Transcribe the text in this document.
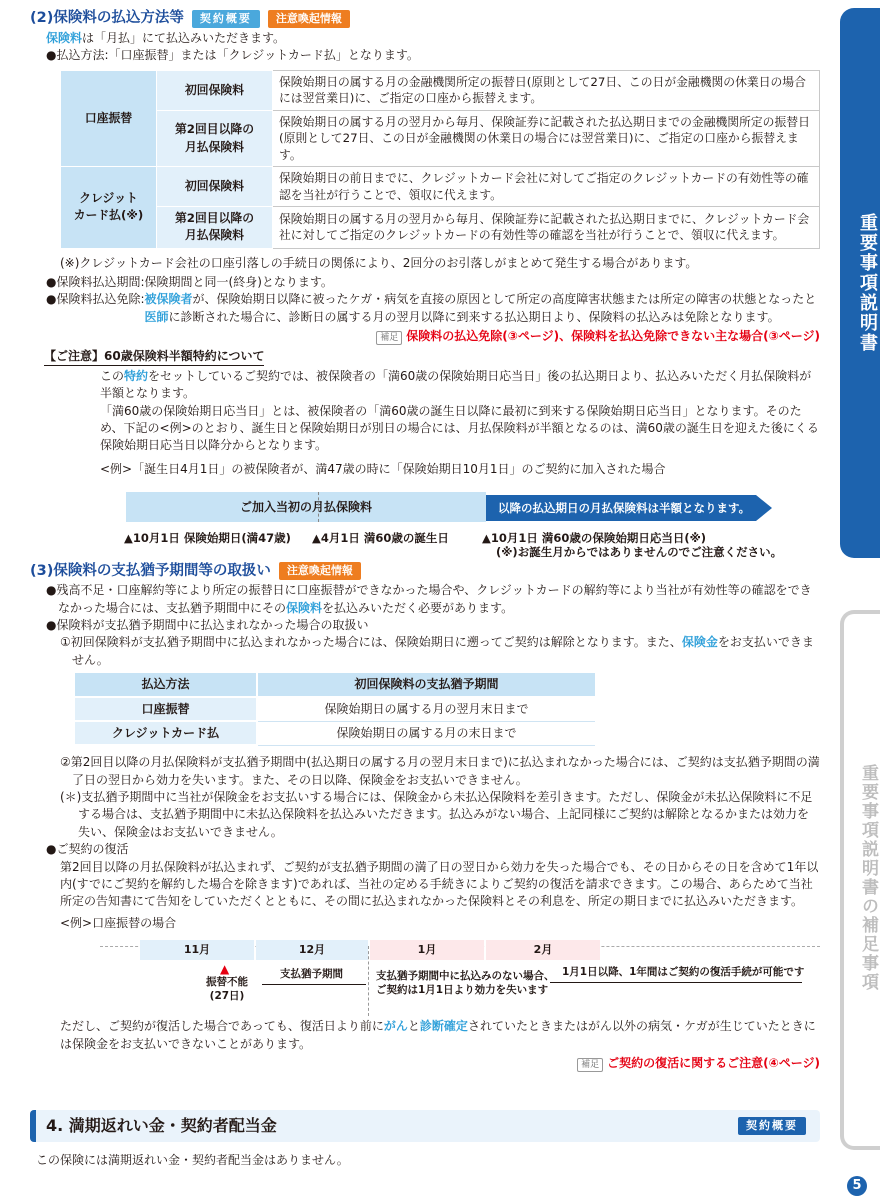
(2)保険料の払込方法等	契約概要	注意喚起情報

保険料は「月払」にて払込みいただきます。

●払込方法:「口座振替」または「クレジットカード払」となります。

口座振替	初回保険料	保険始期日の属する月の金融機関所定の振替日(原則として27日、この日が金融機関の休業日の場合には翌営業日)に、ご指定の口座から振替えます。
	第2回目以降の
月払保険料	保険始期日の属する月の翌月から毎月、保険証券に記載された払込期日までの金融機関所定の振替日(原則として27日、この日が金融機関の休業日の場合には翌営業日)に、ご指定の口座から振替えます。
クレジット
カード払(※)	初回保険料	保険始期日の前日までに、クレジットカード会社に対してご指定のクレジットカードの有効性等の確認を当社が行うことで、領収に代えます。
	第2回目以降の
月払保険料	保険始期日の属する月の翌月から毎月、保険証券に記載された払込期日までに、クレジットカード会社に対してご指定のクレジットカードの有効性等の確認を当社が行うことで、領収に代えます。

(※)クレジットカード会社の口座引落しの手続日の関係により、2回分のお引落しがまとめて発生する場合があります。

●保険料払込期間:保険期間と同一(終身)となります。

●保険料払込免除: 被保険者が、保険始期日以降に被ったケガ・病気を直接の原因として所定の高度障害状態または所定の障害の状態となったと医師に診断された場合に、診断日の属する月の翌月以降に到来する払込期日より、保険料の払込みは免除となります。
補足 保険料の払込免除(③ページ)、保険料を払込免除できない主な場合(③ページ)
【ご注意】60歳保険料半額特約について

この特約をセットしているご契約では、被保険者の「満60歳の保険始期日応当日」後の払込期日より、払込みいただく月払保険料が半額となります。

「満60歳の保険始期日応当日」とは、被保険者の「満60歳の誕生日以降に最初に到来する保険始期日応当日」となります。そのため、下記の<例>のとおり、誕生日と保険始期日が別日の場合には、月払保険料が半額となるのは、満60歳の誕生日を迎えた後にくる保険始期日応当日以降分からとなります。

<例>「誕生日4月1日」の被保険者が、満47歳の時に「保険始期日10月1日」のご契約に加入された場合

ご加入当初の月払保険料	以降の払込期日の月払保険料は半額となります。
▲10月1日 保険始期日(満47歳) ▲4月1日 満60歳の誕生日	▲10月1日 満60歳の保険始期日応当日(※)
(※)お誕生月からではありませんのでご注意ください。
(3)保険料の支払猶予期間等の取扱い	注意喚起情報

●残高不足・口座解約等により所定の振替日に口座振替ができなかった場合や、クレジットカードの解約等により当社が有効性等の確認をできなかった場合には、支払猶予期間中にその保険料を払込みいただく必要があります。

●保険料が支払猶予期間中に払込まれなかった場合の取扱い

①初回保険料が支払猶予期間中に払込まれなかった場合には、保険始期日に遡ってご契約は解除となります。また、保険金をお支払いできません。

払込方法	初回保険料の支払猶予期間
口座振替	保険始期日の属する月の翌月末日まで
クレジットカード払	保険始期日の属する月の末日まで

②第2回目以降の月払保険料が支払猶予期間中(払込期日の属する月の翌月末日まで)に払込まれなかった場合には、ご契約は支払猶予期間の満了日の翌日から効力を失います。また、その日以降、保険金をお支払いできません。

(＊)支払猶予期間中に当社が保険金をお支払いする場合には、保険金から未払込保険料を差引きます。ただし、保険金が未払込保険料に不足する場合は、支払猶予期間中に未払込保険料を払込みいただきます。払込みがない場合、上記同様にご契約は解除となるかまたは効力を失い、保険金はお支払いできません。

●ご契約の復活

第2回目以降の月払保険料が払込まれず、ご契約が支払猶予期間の満了日の翌日から効力を失った場合でも、その日からその日を含めて1年以内(すでにご契約を解約した場合を除きます)であれば、当社の定める手続きによりご契約の復活を請求できます。この場合、あらためて当社所定の告知書にて告知をしていただくとともに、その間に払込まれなかった保険料とその利息を、所定の期日までに払込みいただきます。

<例>口座振替の場合

11月	12月	1月	2月
▲
振替不能
(27日)
支払猶予期間	支払猶予期間中に払込みのない場合、
ご契約は1月1日より効力を失います
1月1日以降、1年間はご契約の復活手続が可能です

ただし、ご契約が復活した場合であっても、復活日より前にがんと診断確定されていたときまたはがん以外の病気・ケガが生じていたときには保険金をお支払いできないことがあります。

補足 ご契約の復活に関するご注意(④ページ)
4. 満期返れい金・契約者配当金	契約概要

この保険には満期返れい金・契約者配当金はありません。

重要事項説明書
重要事項説明書の補足事項
5
